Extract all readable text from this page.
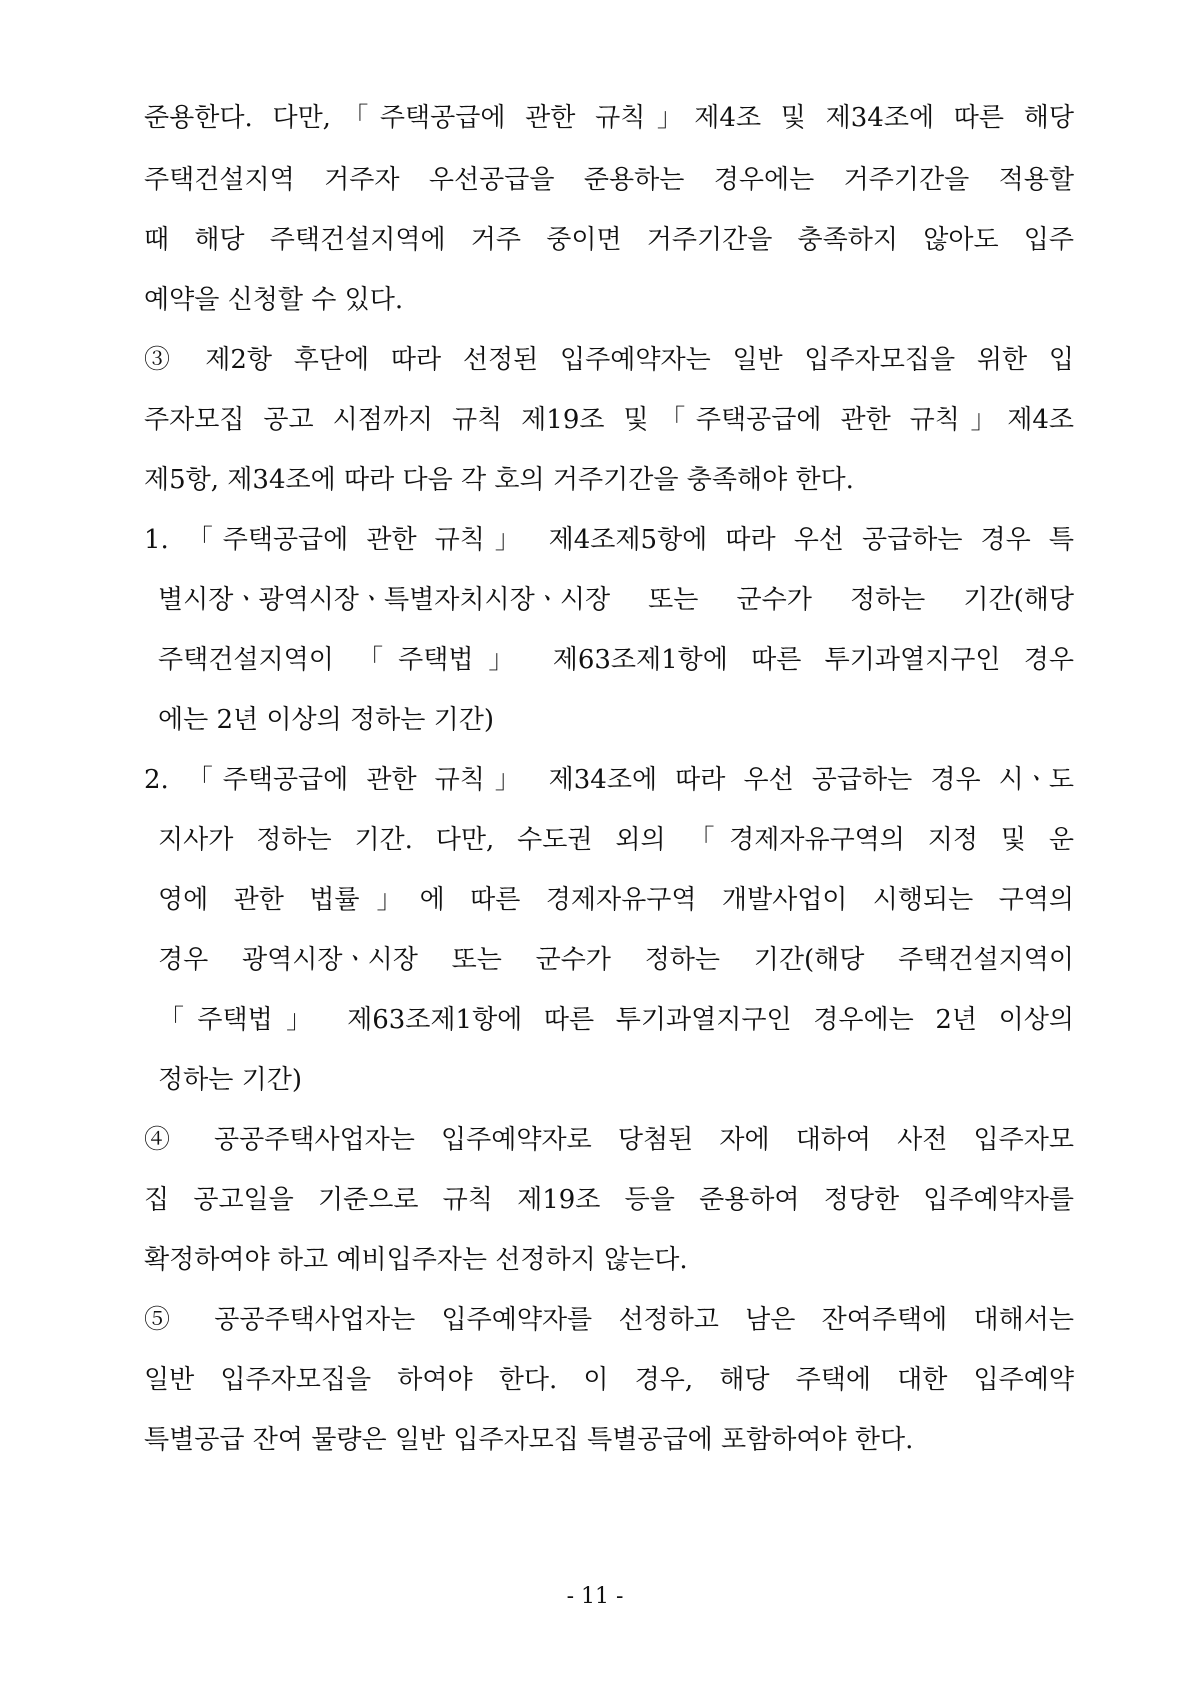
준용한다. 다만,「주택공급에 관한 규칙」제4조 및 제34조에 따른 해당
주택건설지역 거주자 우선공급을 준용하는 경우에는 거주기간을 적용할
때 해당 주택건설지역에 거주 중이면 거주기간을 충족하지 않아도 입주
예약을 신청할 수 있다.
③ 제2항 후단에 따라 선정된 입주예약자는 일반 입주자모집을 위한 입
주자모집 공고 시점까지 규칙 제19조 및「주택공급에 관한 규칙」제4조
제5항, 제34조에 따라 다음 각 호의 거주기간을 충족해야 한다.
1. 「주택공급에 관한 규칙」 제4조제5항에 따라 우선 공급하는 경우 특
별시장ㆍ광역시장ㆍ특별자치시장ㆍ시장 또는 군수가 정하는 기간(해당
주택건설지역이 「주택법」 제63조제1항에 따른 투기과열지구인 경우
에는 2년 이상의 정하는 기간)
2. 「주택공급에 관한 규칙」 제34조에 따라 우선 공급하는 경우 시ㆍ도
지사가 정하는 기간. 다만, 수도권 외의 「경제자유구역의 지정 및 운
영에 관한 법률」에 따른 경제자유구역 개발사업이 시행되는 구역의
경우 광역시장ㆍ시장 또는 군수가 정하는 기간(해당 주택건설지역이
「주택법」 제63조제1항에 따른 투기과열지구인 경우에는 2년 이상의
정하는 기간)
④ 공공주택사업자는 입주예약자로 당첨된 자에 대하여 사전 입주자모
집 공고일을 기준으로 규칙 제19조 등을 준용하여 정당한 입주예약자를
확정하여야 하고 예비입주자는 선정하지 않는다.
⑤ 공공주택사업자는 입주예약자를 선정하고 남은 잔여주택에 대해서는
일반 입주자모집을 하여야 한다. 이 경우, 해당 주택에 대한 입주예약
특별공급 잔여 물량은 일반 입주자모집 특별공급에 포함하여야 한다.
- 11 -
